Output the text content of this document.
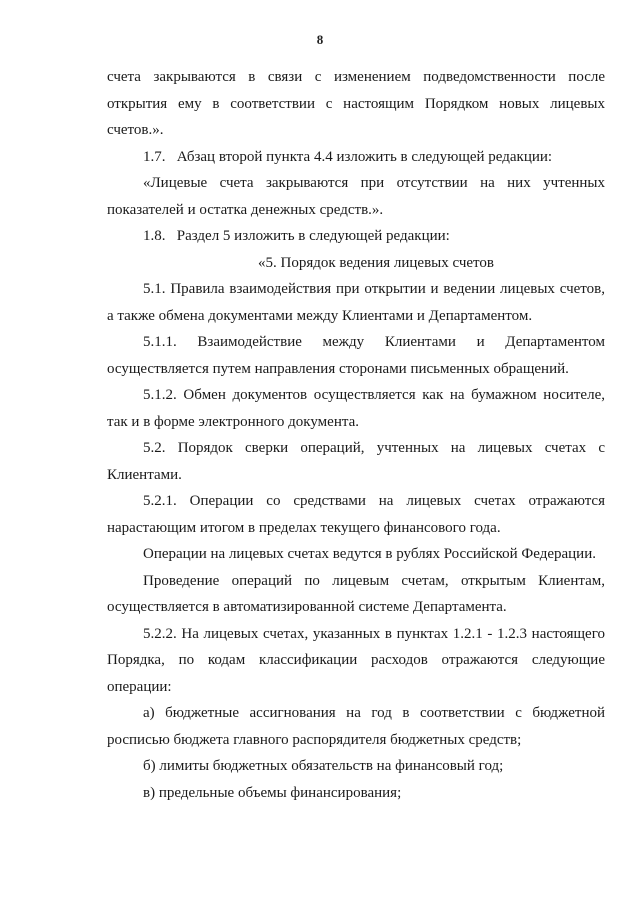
8

счета закрываются в связи с изменением подведомственности после открытия ему в соответствии с настоящим Порядком новых лицевых счетов.».

1.7.   Абзац второй пункта 4.4 изложить в следующей редакции:

«Лицевые счета закрываются при отсутствии на них учтенных показателей и остатка денежных средств.».

1.8.   Раздел 5 изложить в следующей редакции:

«5. Порядок ведения лицевых счетов

5.1. Правила взаимодействия при открытии и ведении лицевых счетов, а также обмена документами между Клиентами и Департаментом.

5.1.1. Взаимодействие между Клиентами и Департаментом осуществляется путем направления сторонами письменных обращений.

5.1.2. Обмен документов осуществляется как на бумажном носителе, так и в форме электронного документа.

5.2. Порядок сверки операций, учтенных на лицевых счетах с Клиентами.

5.2.1. Операции со средствами на лицевых счетах отражаются нарастающим итогом в пределах текущего финансового года.

Операции на лицевых счетах ведутся в рублях Российской Федерации.

Проведение операций по лицевым счетам, открытым Клиентам, осуществляется в автоматизированной системе Департамента.

5.2.2. На лицевых счетах, указанных в пунктах 1.2.1 - 1.2.3 настоящего Порядка, по кодам классификации расходов отражаются следующие операции:

а) бюджетные ассигнования на год в соответствии с бюджетной росписью бюджета главного распорядителя бюджетных средств;

б) лимиты бюджетных обязательств на финансовый год;

в) предельные объемы финансирования;
